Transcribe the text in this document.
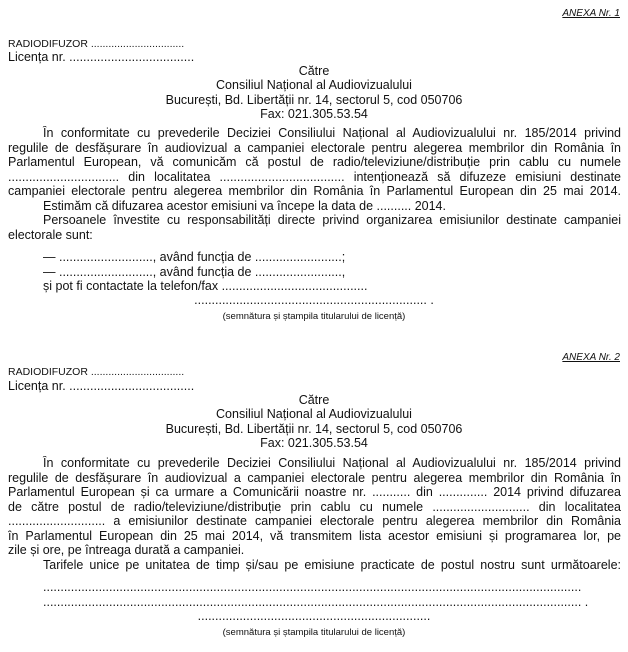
ANEXA Nr. 1
RADIODIFUZOR ................................
Licența nr. ....................................
Către
Consiliul Național al Audiovizualului
București, Bd. Libertății nr. 14, sectorul 5, cod 050706
Fax: 021.305.53.54
În conformitate cu prevederile Deciziei Consiliului Național al Audiovizualului nr. 185/2014 privind
regulile de desfășurare în audiovizual a campaniei electorale pentru alegerea membrilor din România în
Parlamentul European, vă comunicăm că postul de radio/televiziune/distribuție prin cablu cu numele
................................ din localitatea .................................... intenționează să difuzeze emisiuni destinate
campaniei electorale pentru alegerea membrilor din România în Parlamentul European din 25 mai 2014.
Estimăm că difuzarea acestor emisiuni va începe la data de .......... 2014.
Persoanele învestite cu responsabilități directe privind organizarea emisiunilor destinate campaniei
electorale sunt:
— ..........................., având funcția de .........................;
— ..........................., având funcția de .........................,
și pot fi contactate la telefon/fax ..........................................
................................................................... .
(semnătura și ștampila titularului de licență)
ANEXA Nr. 2
RADIODIFUZOR ................................
Licența nr. ....................................
Către
Consiliul Național al Audiovizualului
București, Bd. Libertății nr. 14, sectorul 5, cod 050706
Fax: 021.305.53.54
În conformitate cu prevederile Deciziei Consiliului Național al Audiovizualului nr. 185/2014 privind
regulile de desfășurare în audiovizual a campaniei electorale pentru alegerea membrilor din România în
Parlamentul European și ca urmare a Comunicării noastre nr. ........... din .............. 2014 privind difuzarea
de către postul de radio/televiziune/distribuție prin cablu cu numele ............................ din localitatea
............................ a emisiunilor destinate campaniei electorale pentru alegerea membrilor din România
în Parlamentul European din 25 mai 2014, vă transmitem lista acestor emisiuni și programarea lor, pe
zile și ore, pe întreaga durată a campaniei.
Tarifele unice pe unitatea de timp și/sau pe emisiune practicate de postul nostru sunt următoarele:
...........................................................................................................................................................
........................................................................................................................................................... .
...................................................................
(semnătura și ștampila titularului de licență)
